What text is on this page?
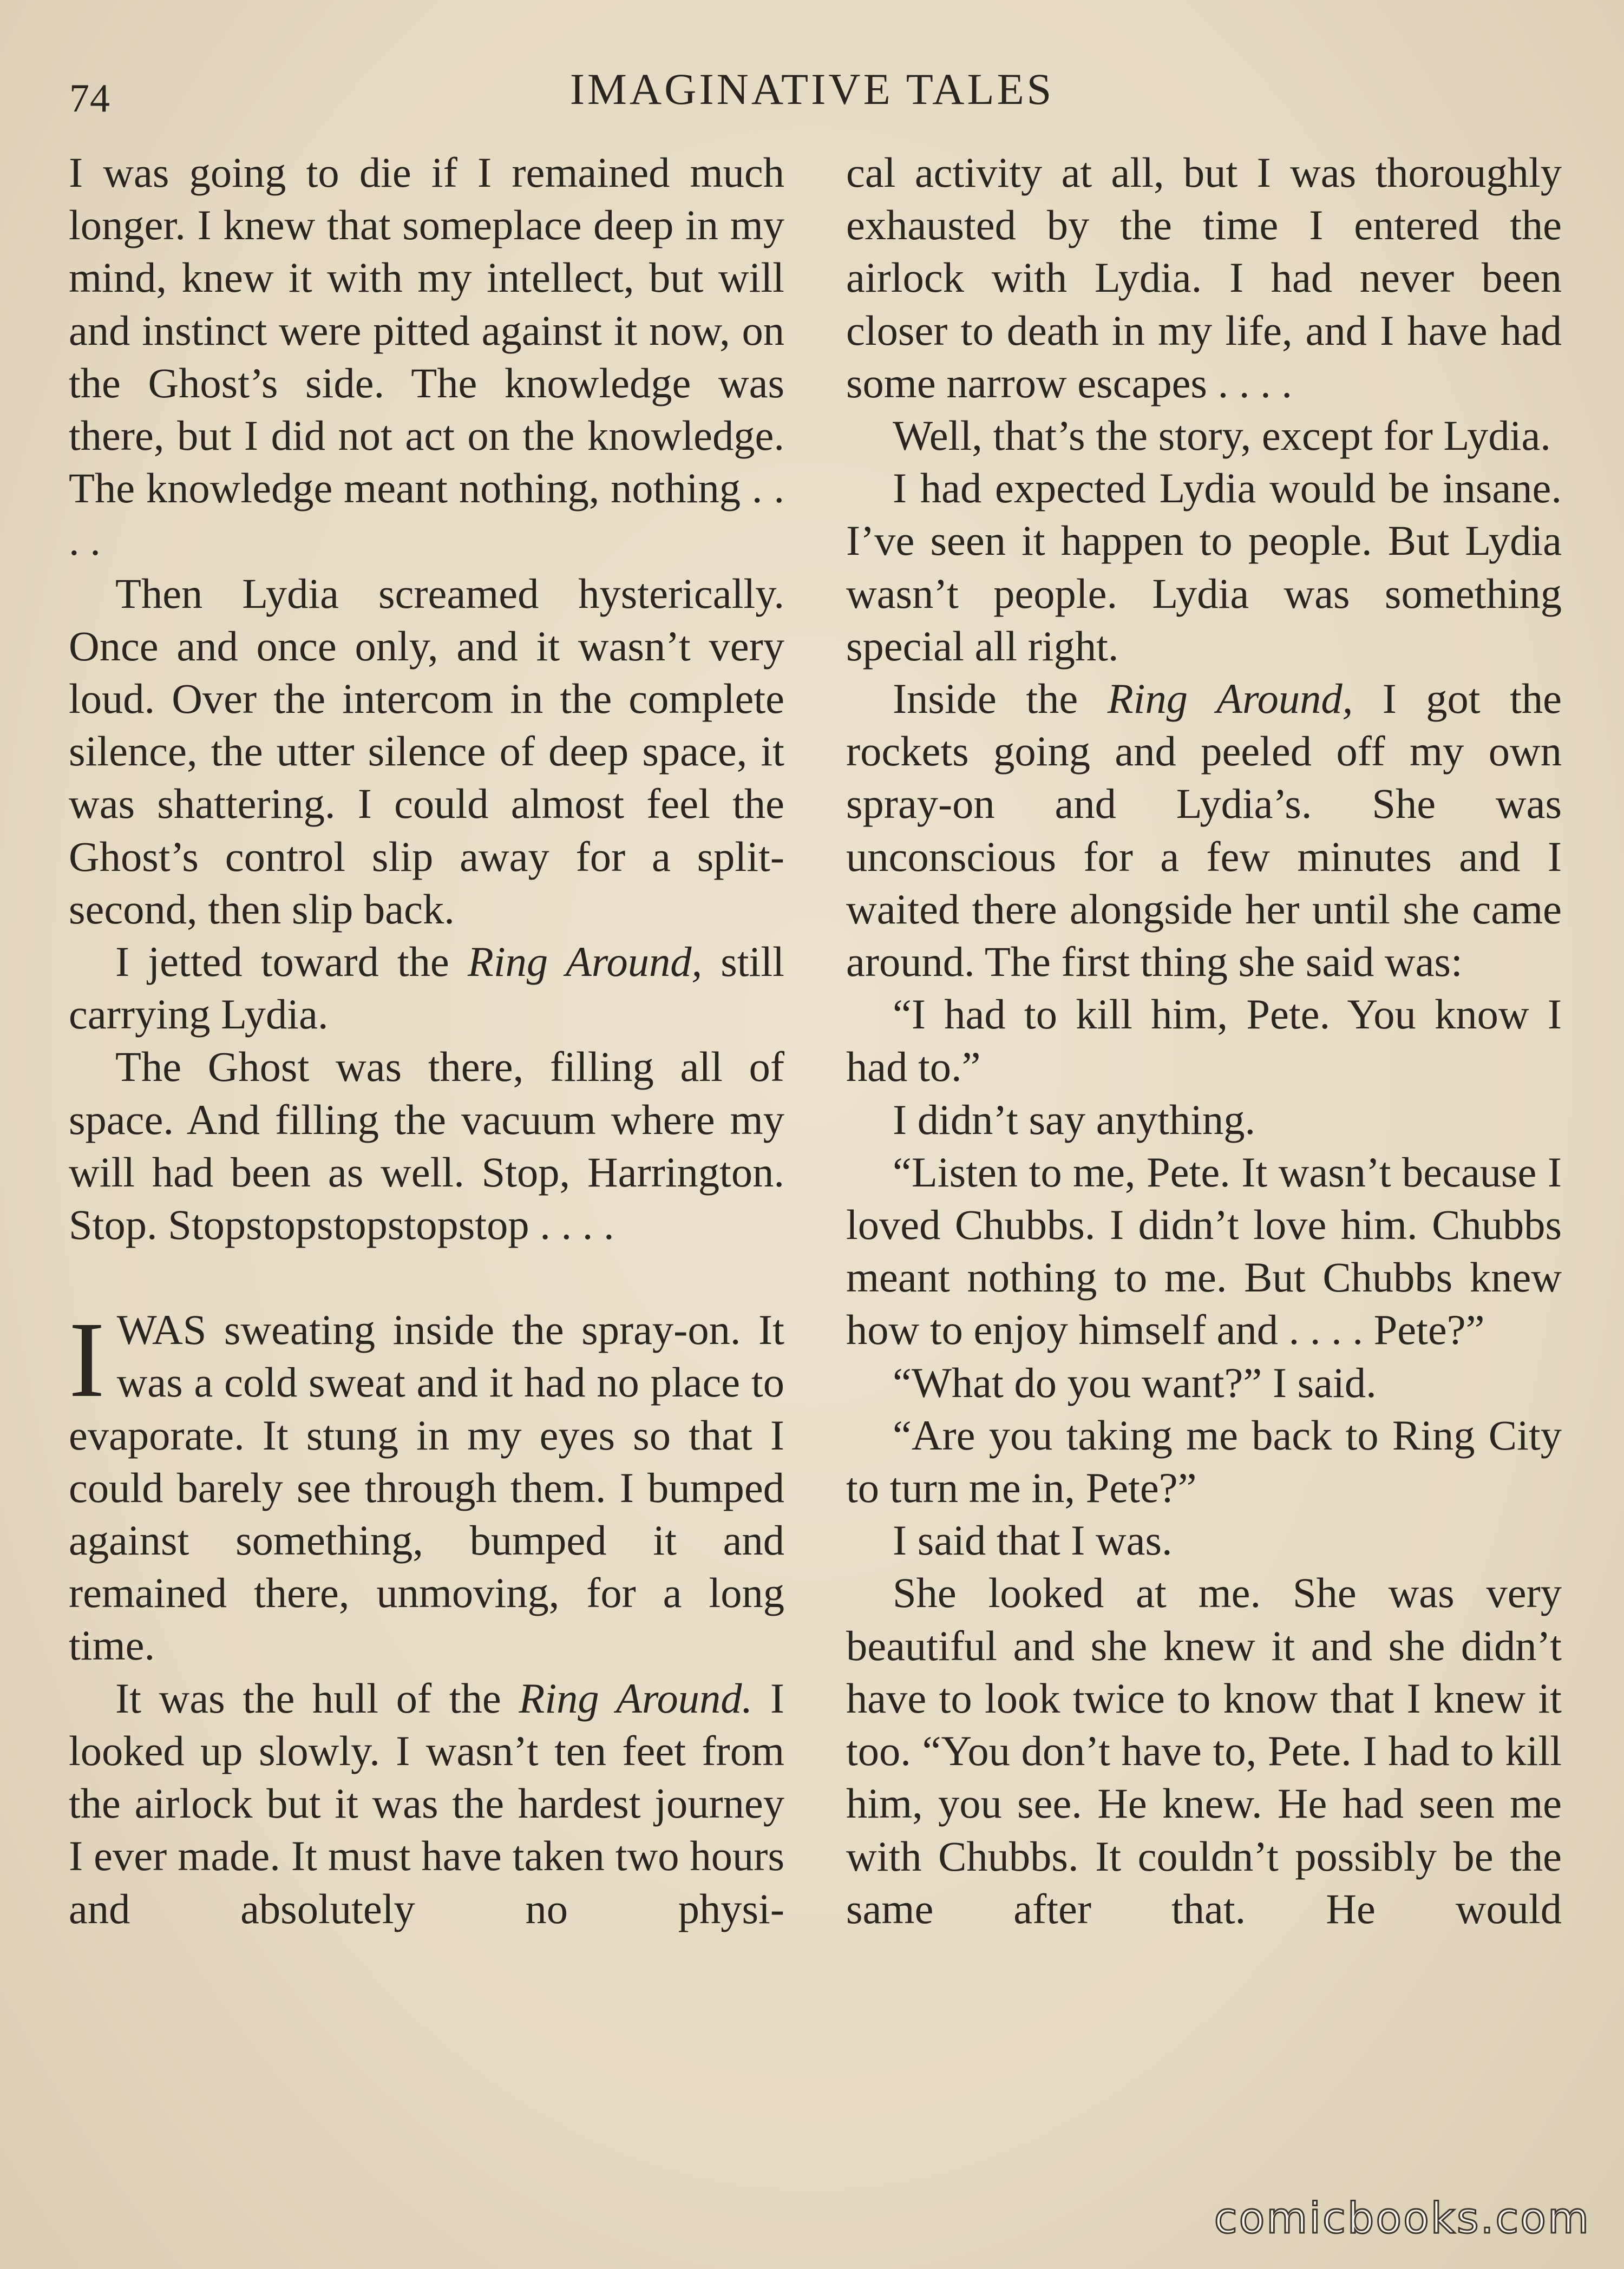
74	IMAGINATIVE TALES

I was going to die if I remained much longer. I knew that someplace deep in my mind, knew it with my intellect, but will and instinct were pitted against it now, on the Ghost’s side. The knowledge was there, but I did not act on the knowledge. The knowledge meant nothing, nothing . . . .

Then Lydia screamed hysterically. Once and once only, and it wasn’t very loud. Over the intercom in the complete silence, the utter silence of deep space, it was shattering. I could almost feel the Ghost’s control slip away for a split-second, then slip back.

I jetted toward the Ring Around, still carrying Lydia.

The Ghost was there, filling all of space. And filling the vacuum where my will had been as well. Stop, Harrington. Stop. Stopstopstopstopstop . . . .

IWAS sweating inside the spray-on. It was a cold sweat and it had no place to evaporate. It stung in my eyes so that I could barely see through them. I bumped against something, bumped it and remained there, unmoving, for a long time.

It was the hull of the Ring Around. I looked up slowly. I wasn’t ten feet from the airlock but it was the hardest journey I ever made. It must have taken two hours and absolutely no physi-

cal activity at all, but I was thoroughly exhausted by the time I entered the airlock with Lydia. I had never been closer to death in my life, and I have had some narrow escapes . . . .

Well, that’s the story, except for Lydia.

I had expected Lydia would be insane. I’ve seen it happen to people. But Lydia wasn’t people. Lydia was something special all right.

Inside the Ring Around, I got the rockets going and peeled off my own spray-on and Lydia’s. She was unconscious for a few minutes and I waited there alongside her until she came around. The first thing she said was:

“I had to kill him, Pete. You know I had to.”

I didn’t say anything.

“Listen to me, Pete. It wasn’t because I loved Chubbs. I didn’t love him. Chubbs meant nothing to me. But Chubbs knew how to enjoy himself and . . . . Pete?”

“What do you want?” I said.

“Are you taking me back to Ring City to turn me in, Pete?”

I said that I was.

She looked at me. She was very beautiful and she knew it and she didn’t have to look twice to know that I knew it too. “You don’t have to, Pete. I had to kill him, you see. He knew. He had seen me with Chubbs. It couldn’t possibly be the same after that. He would

comicbooks.com
